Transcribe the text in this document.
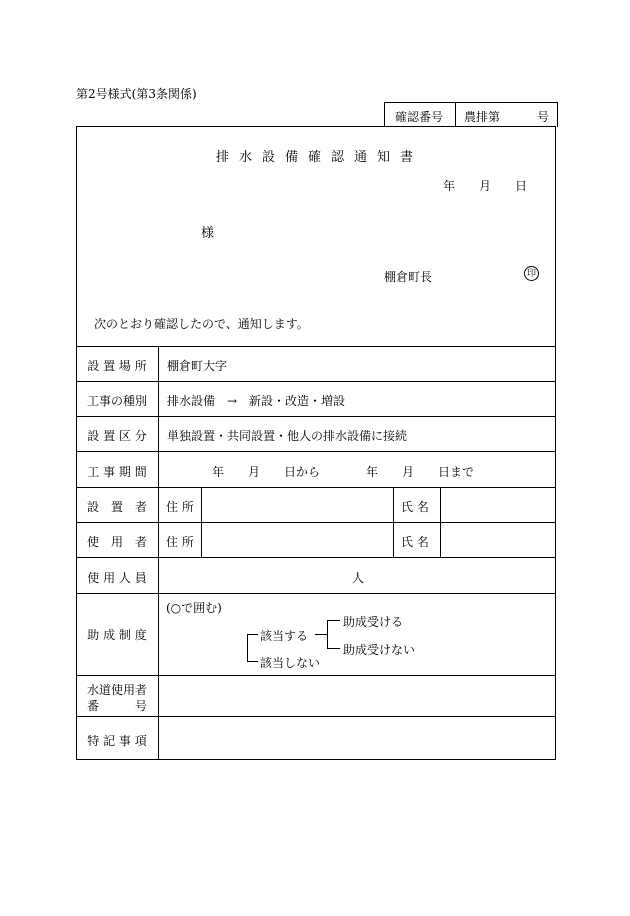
第2号様式(第3条関係)
確認番号 農排第	号
排水設備確認通知書
年　　月　　日
様
棚倉町長	印
次のとおり確認したので、通知します。
設 置 場 所	棚倉町大字
工事の種別	排水設備　→　新設・改造・増設
設 置 区 分	単独設置・共同設置・他人の排水設備に接続
工 事 期 間	年　　月　　日から	年　　月　　日まで
設　置　者	住 所	氏 名
使　用　者	住 所	氏 名
使 用 人 員	人
助 成 制 度
(○で囲む)
該当する
該当しない
助成受ける
助成受けない
水道使用者
番　　　号
特 記 事 項
